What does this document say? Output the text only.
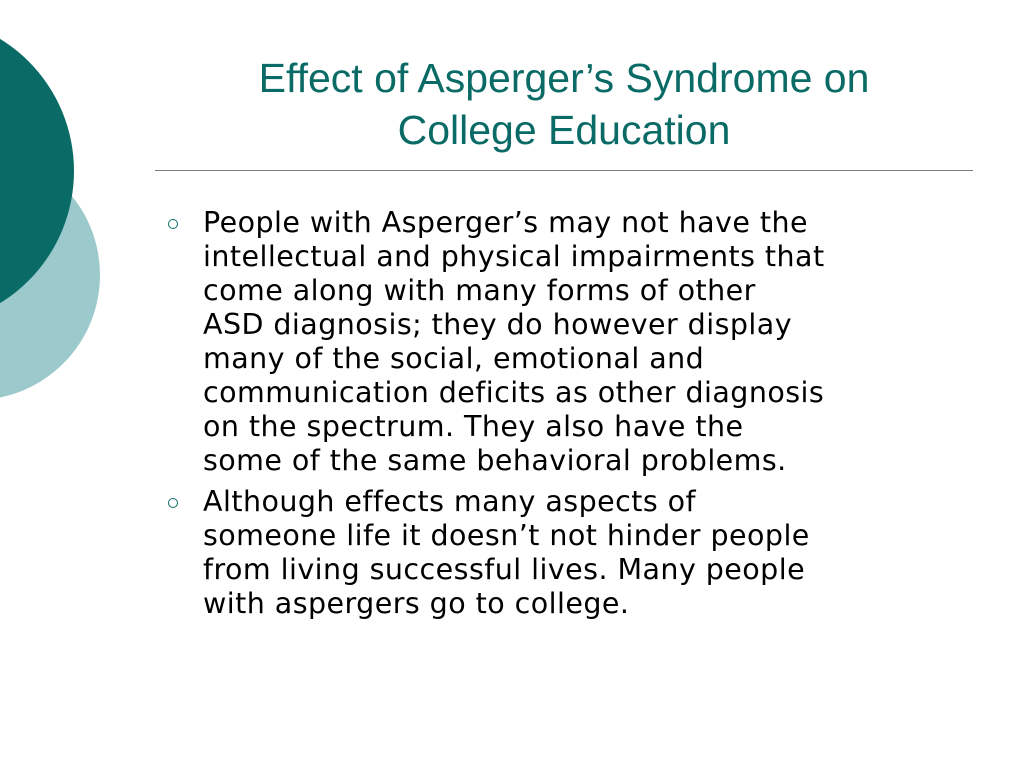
Effect of Asperger’s Syndrome on
College Education
People with Asperger’s may not have the
intellectual and physical impairments that
come along with many forms of other
ASD diagnosis; they do however display
many of the social, emotional and
communication deficits as other diagnosis
on the spectrum. They also have the
some of the same behavioral problems.
Although effects many aspects of
someone life it doesn’t not hinder people
from living successful lives. Many people
with aspergers go to college.
